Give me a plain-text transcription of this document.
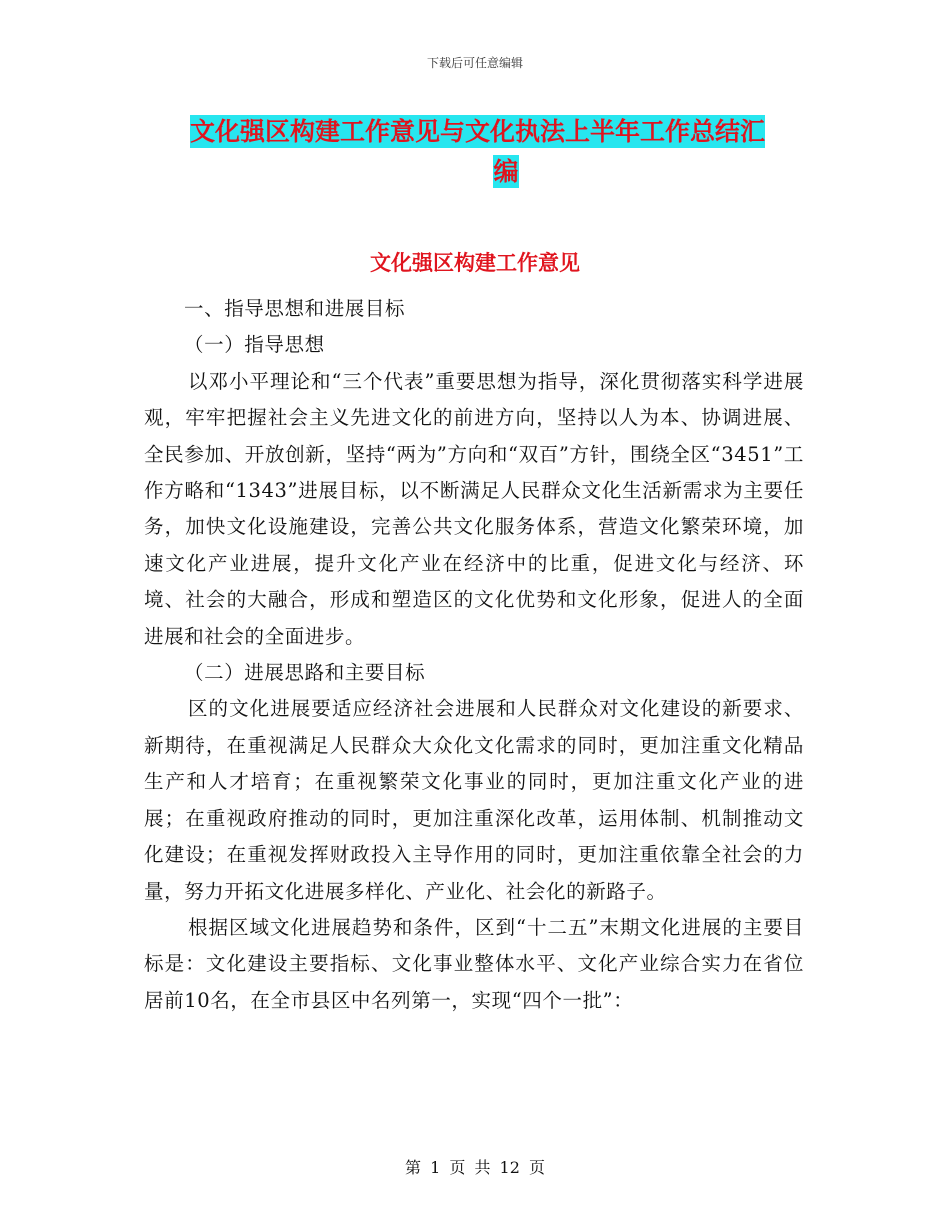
下载后可任意编辑
文化强区构建工作意见与文化执法上半年工作总结汇
编
文化强区构建工作意见

一、指导思想和进展目标

（一）指导思想

以邓小平理论和“三个代表”重要思想为指导，深化贯彻落实科学进展观，牢牢把握社会主义先进文化的前进方向，坚持以人为本、协调进展、全民参加、开放创新，坚持“两为”方向和“双百”方针，围绕全区“3451”工作方略和“1343”进展目标，以不断满足人民群众文化生活新需求为主要任务，加快文化设施建设，完善公共文化服务体系，营造文化繁荣环境，加速文化产业进展，提升文化产业在经济中的比重，促进文化与经济、环境、社会的大融合，形成和塑造区的文化优势和文化形象，促进人的全面进展和社会的全面进步。

（二）进展思路和主要目标

区的文化进展要适应经济社会进展和人民群众对文化建设的新要求、新期待，在重视满足人民群众大众化文化需求的同时，更加注重文化精品生产和人才培育；在重视繁荣文化事业的同时，更加注重文化产业的进展；在重视政府推动的同时，更加注重深化改革，运用体制、机制推动文化建设；在重视发挥财政投入主导作用的同时，更加注重依靠全社会的力量，努力开拓文化进展多样化、产业化、社会化的新路子。

根据区域文化进展趋势和条件，区到“十二五”末期文化进展的主要目标是：文化建设主要指标、文化事业整体水平、文化产业综合实力在省位居前10名，在全市县区中名列第一，实现“四个一批”：

第 1 页 共 12 页
